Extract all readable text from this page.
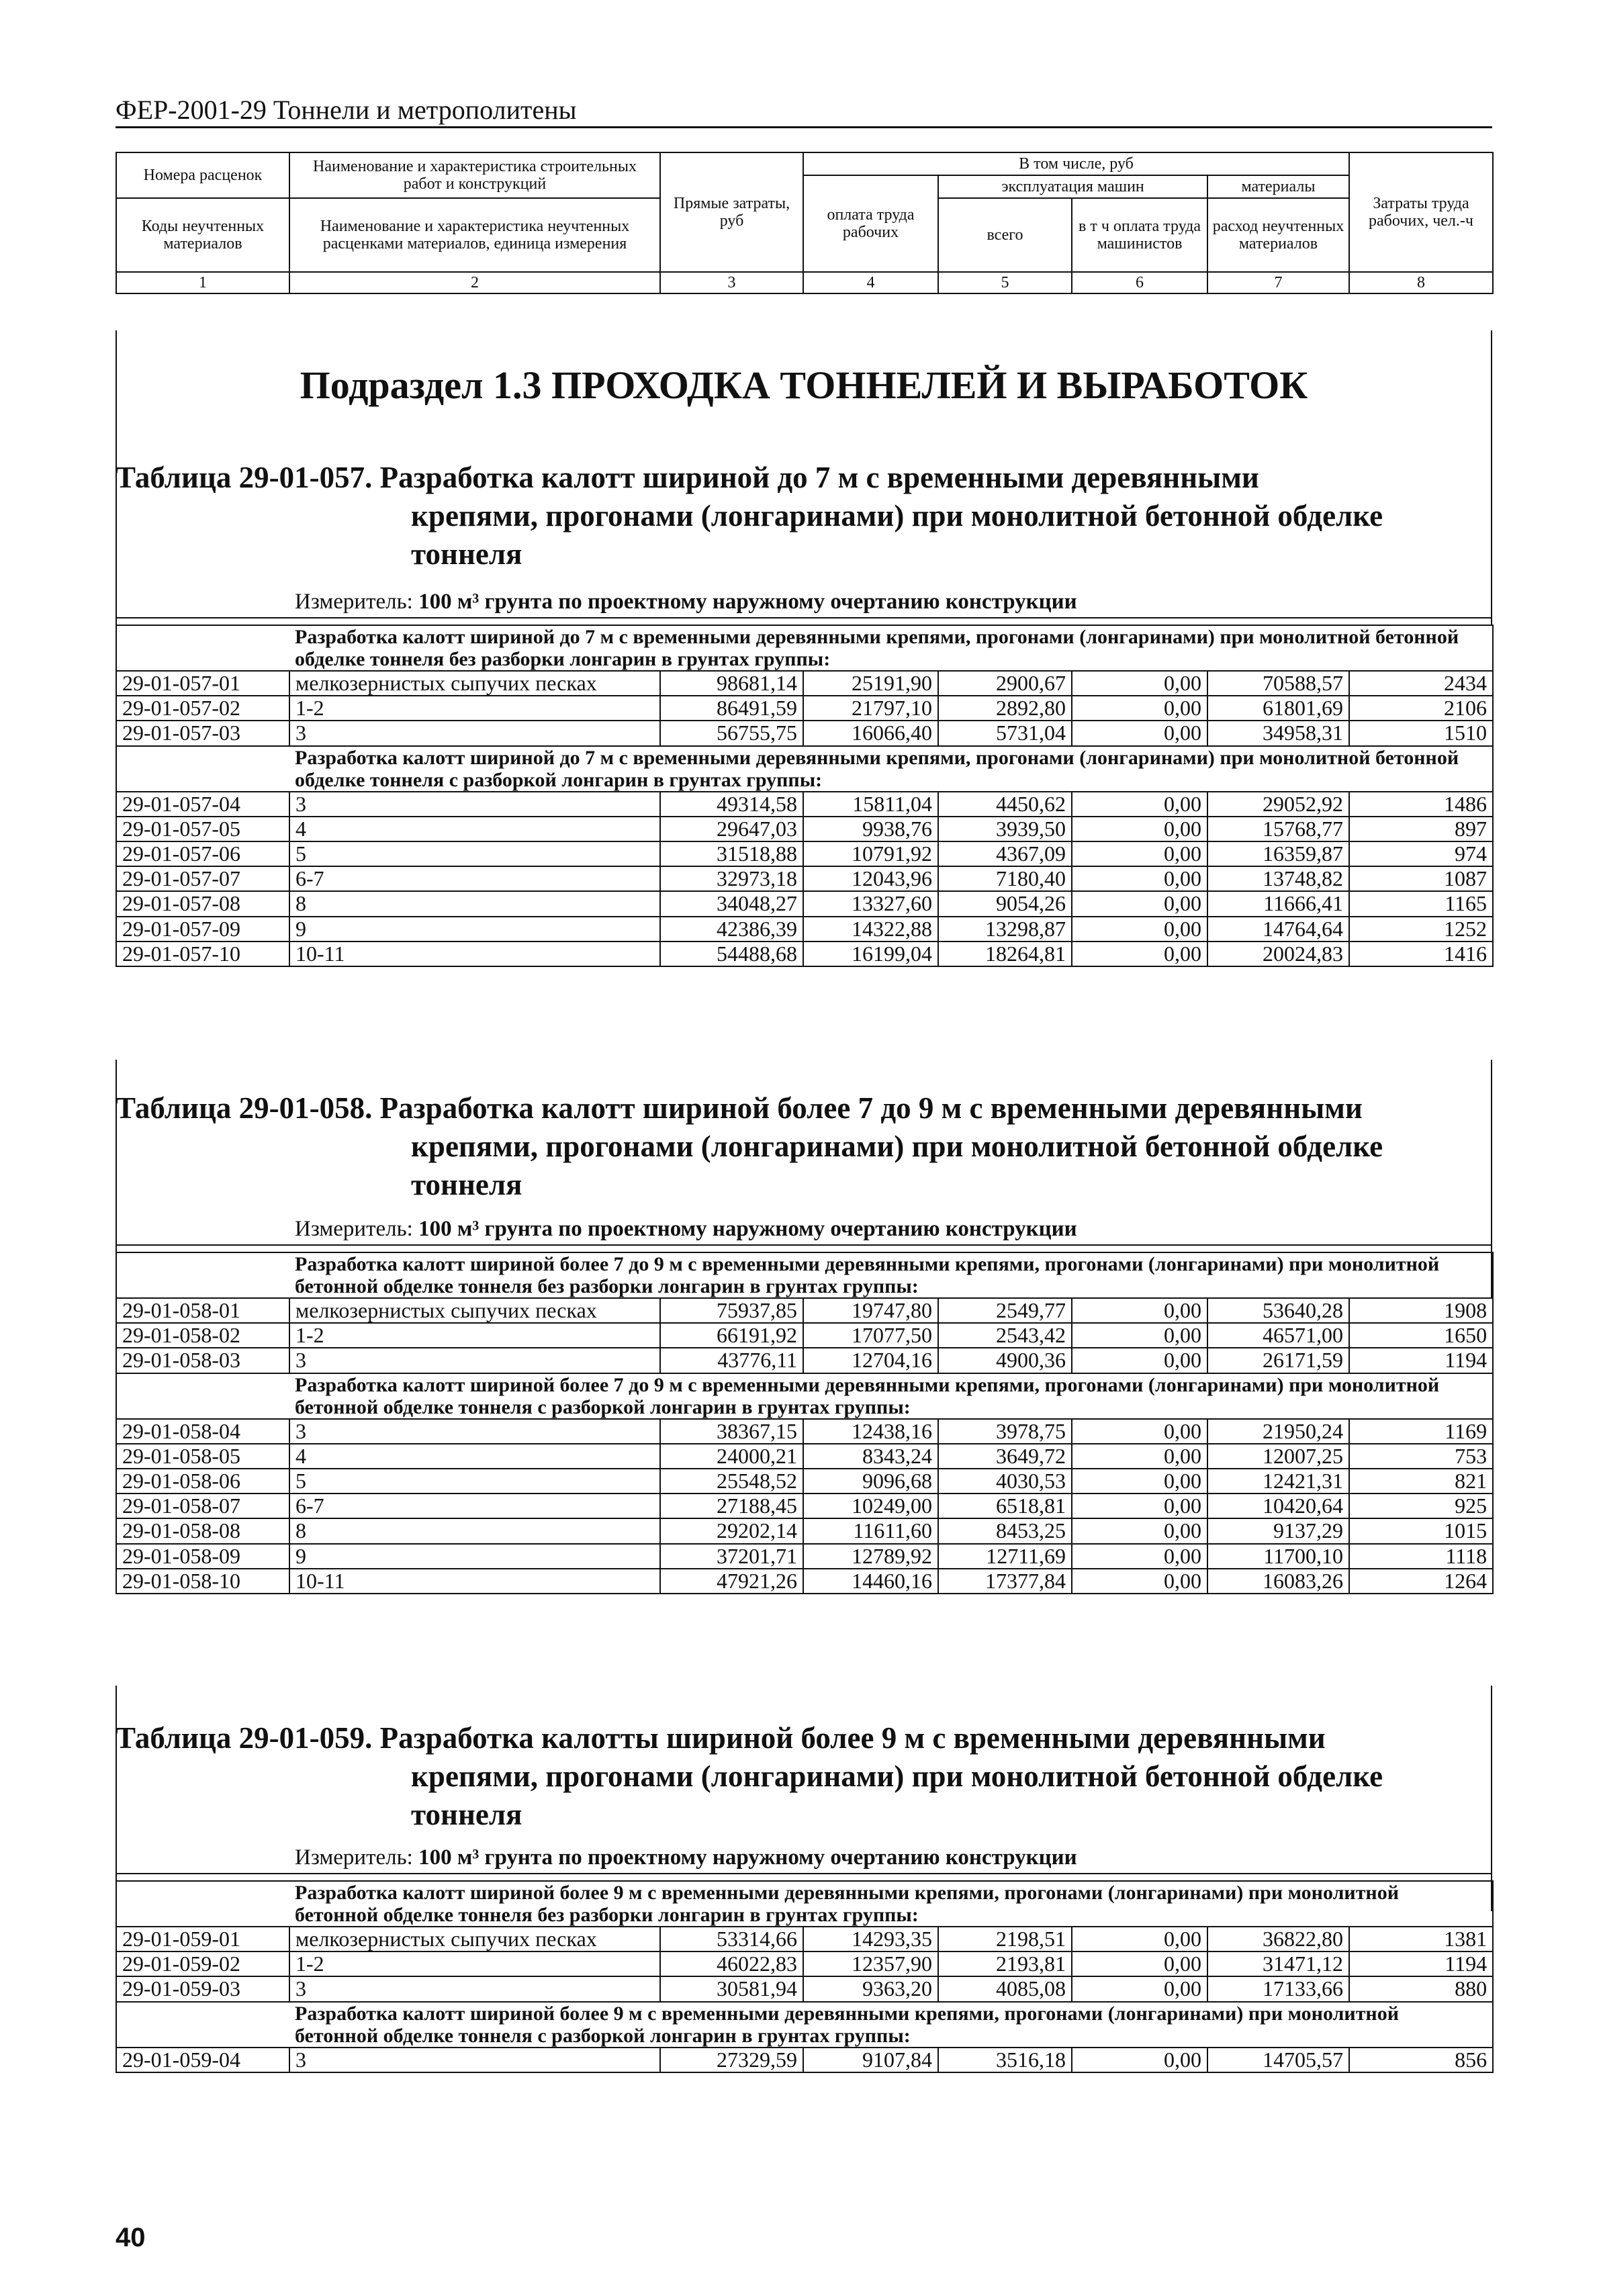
ФЕР-2001-29 Тоннели и метрополитены
Номера расценок	Наименование и характеристика строительных работ и конструкций	Прямые затраты, руб	В том числе, руб				Затраты труда рабочих, чел.-ч
			оплата труда рабочих	эксплуатация машин		материалы	
Коды неучтенных материалов	Наименование и характеристика неучтенных расценками материалов, единица измерения			всего	в т ч оплата труда машинистов	расход неучтенных материалов	

1	2	3	4	5	6	7	8
Подраздел 1.3 ПРОХОДКА ТОННЕЛЕЙ И ВЫРАБОТОК
Таблица 29-01-057. Разработка калотт шириной до 7 м с временными деревянными
крепями, прогонами (лонгаринами) при монолитной бетонной обделке
тоннеля
Измеритель: 100 м³ грунта по проектному наружному очертанию конструкции
	Разработка калотт шириной до 7 м с временными деревянными крепями, прогонами (лонгаринами) при монолитной бетонной обделке тоннеля без разборки лонгарин в грунтах группы:						
29-01-057-01	мелкозернистых сыпучих песках	98681,14	25191,90	2900,67	0,00	70588,57	2434
29-01-057-02	1-2	86491,59	21797,10	2892,80	0,00	61801,69	2106
29-01-057-03	3	56755,75	16066,40	5731,04	0,00	34958,31	1510
	Разработка калотт шириной до 7 м с временными деревянными крепями, прогонами (лонгаринами) при монолитной бетонной обделке тоннеля с разборкой лонгарин в грунтах группы:						
29-01-057-04	3	49314,58	15811,04	4450,62	0,00	29052,92	1486
29-01-057-05	4	29647,03	9938,76	3939,50	0,00	15768,77	897
29-01-057-06	5	31518,88	10791,92	4367,09	0,00	16359,87	974
29-01-057-07	6-7	32973,18	12043,96	7180,40	0,00	13748,82	1087
29-01-057-08	8	34048,27	13327,60	9054,26	0,00	11666,41	1165
29-01-057-09	9	42386,39	14322,88	13298,87	0,00	14764,64	1252
29-01-057-10	10-11	54488,68	16199,04	18264,81	0,00	20024,83	1416
Таблица 29-01-058. Разработка калотт шириной более 7 до 9 м с временными деревянными
крепями, прогонами (лонгаринами) при монолитной бетонной обделке
тоннеля
Измеритель: 100 м³ грунта по проектному наружному очертанию конструкции
	Разработка калотт шириной более 7 до 9 м с временными деревянными крепями, прогонами (лонгаринами) при монолитной бетонной обделке тоннеля без разборки лонгарин в грунтах группы:						
29-01-058-01	мелкозернистых сыпучих песках	75937,85	19747,80	2549,77	0,00	53640,28	1908
29-01-058-02	1-2	66191,92	17077,50	2543,42	0,00	46571,00	1650
29-01-058-03	3	43776,11	12704,16	4900,36	0,00	26171,59	1194
	Разработка калотт шириной более 7 до 9 м с временными деревянными крепями, прогонами (лонгаринами) при монолитной бетонной обделке тоннеля с разборкой лонгарин в грунтах группы:						
29-01-058-04	3	38367,15	12438,16	3978,75	0,00	21950,24	1169
29-01-058-05	4	24000,21	8343,24	3649,72	0,00	12007,25	753
29-01-058-06	5	25548,52	9096,68	4030,53	0,00	12421,31	821
29-01-058-07	6-7	27188,45	10249,00	6518,81	0,00	10420,64	925
29-01-058-08	8	29202,14	11611,60	8453,25	0,00	9137,29	1015
29-01-058-09	9	37201,71	12789,92	12711,69	0,00	11700,10	1118
29-01-058-10	10-11	47921,26	14460,16	17377,84	0,00	16083,26	1264
Таблица 29-01-059. Разработка калотты шириной более 9 м с временными деревянными
крепями, прогонами (лонгаринами) при монолитной бетонной обделке
тоннеля
Измеритель: 100 м³ грунта по проектному наружному очертанию конструкции
	Разработка калотт шириной более 9 м с временными деревянными крепями, прогонами (лонгаринами) при монолитной бетонной обделке тоннеля без разборки лонгарин в грунтах группы:						
29-01-059-01	мелкозернистых сыпучих песках	53314,66	14293,35	2198,51	0,00	36822,80	1381
29-01-059-02	1-2	46022,83	12357,90	2193,81	0,00	31471,12	1194
29-01-059-03	3	30581,94	9363,20	4085,08	0,00	17133,66	880
	Разработка калотт шириной более 9 м с временными деревянными крепями, прогонами (лонгаринами) при монолитной бетонной обделке тоннеля с разборкой лонгарин в грунтах группы:						
29-01-059-04	3	27329,59	9107,84	3516,18	0,00	14705,57	856
40
